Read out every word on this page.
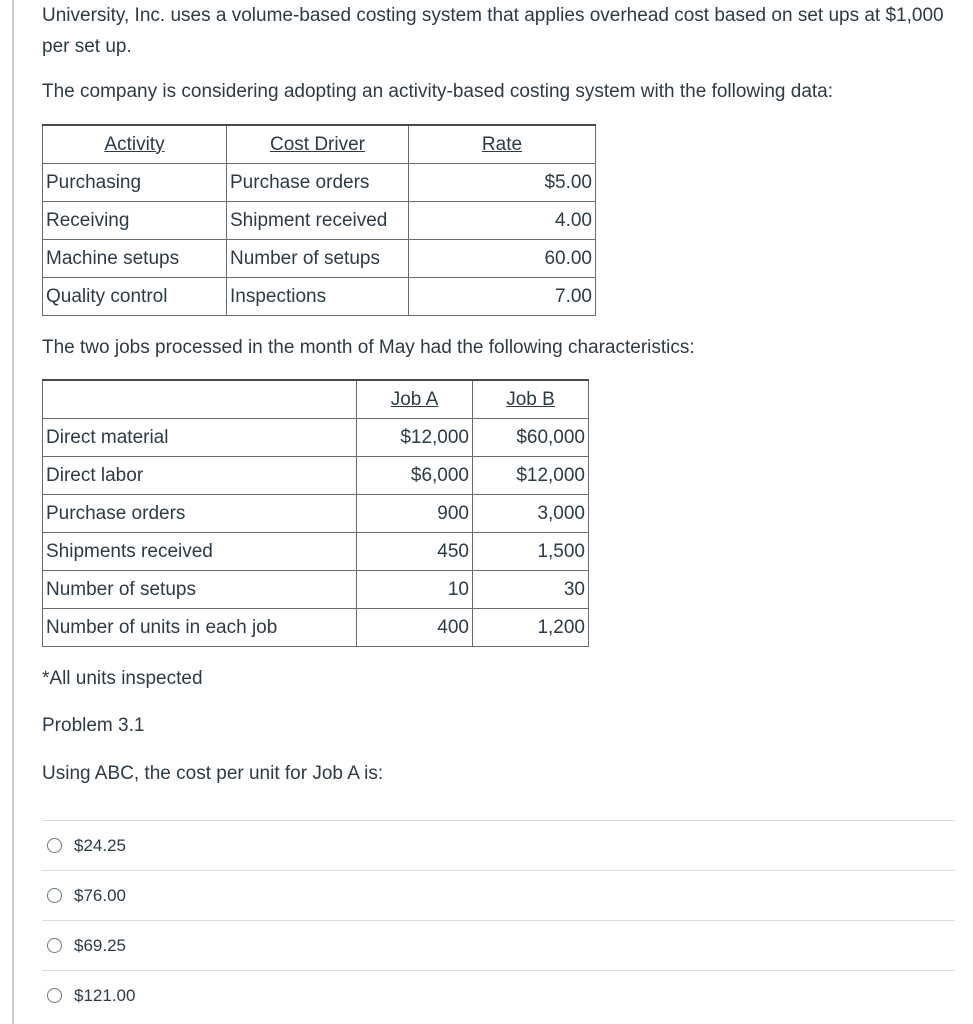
University, Inc. uses a volume-based costing system that applies overhead cost based on set ups at $1,000 per set up.
The company is considering adopting an activity-based costing system with the following data:
Activity	Cost Driver	Rate
Purchasing	Purchase orders	$5.00
Receiving	Shipment received	4.00
Machine setups	Number of setups	60.00
Quality control	Inspections	7.00
The two jobs processed in the month of May had the following characteristics:
	Job A	Job B
Direct material	$12,000	$60,000
Direct labor	$6,000	$12,000
Purchase orders	900	3,000
Shipments received	450	1,500
Number of setups	10	30
Number of units in each job	400	1,200
*All units inspected
Problem 3.1
Using ABC, the cost per unit for Job A is:
$24.25
$76.00
$69.25
$121.00
